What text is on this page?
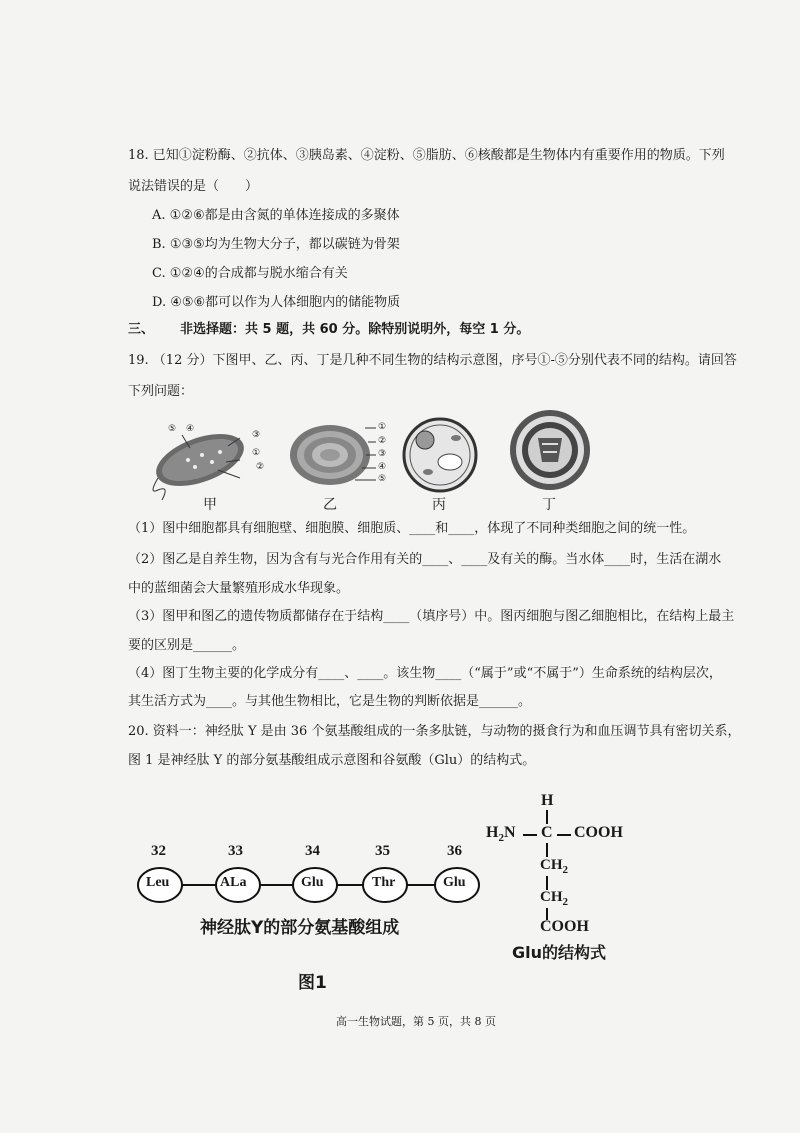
18. 已知①淀粉酶、②抗体、③胰岛素、④淀粉、⑤脂肪、⑥核酸都是生物体内有重要作用的物质。下列
说法错误的是（　　）
A. ①②⑥都是由含氮的单体连接成的多聚体
B. ①③⑤均为生物大分子，都以碳链为骨架
C. ①②④的合成都与脱水缩合有关
D. ④⑤⑥都可以作为人体细胞内的储能物质
三、 非选择题：共 5 题，共 60 分。除特别说明外，每空 1 分。
19. （12 分）下图甲、乙、丙、丁是几种不同生物的结构示意图，序号①-⑤分别代表不同的结构。请回答
下列问题：
⑤ ④
③
①
②
①
②
③
④
⑤
甲	乙	丙	丁
（1）图中细胞都具有细胞壁、细胞膜、细胞质、____和____，体现了不同种类细胞之间的统一性。
（2）图乙是自养生物，因为含有与光合作用有关的____、____及有关的酶。当水体____时，生活在湖水
中的蓝细菌会大量繁殖形成水华现象。
（3）图甲和图乙的遗传物质都储存在于结构____（填序号）中。图丙细胞与图乙细胞相比，在结构上最主
要的区别是______。
（4）图丁生物主要的化学成分有____、____。该生物____（“属于”或“不属于”）生命系统的结构层次，
其生活方式为____。与其他生物相比，它是生物的判断依据是______。
20. 资料一：神经肽 Y 是由 36 个氨基酸组成的一条多肽链，与动物的摄食行为和血压调节具有密切关系，
图 1 是神经肽 Y 的部分氨基酸组成示意图和谷氨酸（Glu）的结构式。
32	33	34	35	36
Leu	ALa	Glu	Thr	Glu
神经肽Y的部分氨基酸组成
H
$H_2N$ C COOH
$CH_2$
$CH_2$
COOH
Glu的结构式
图1
高一生物试题，第 5 页，共 8 页
